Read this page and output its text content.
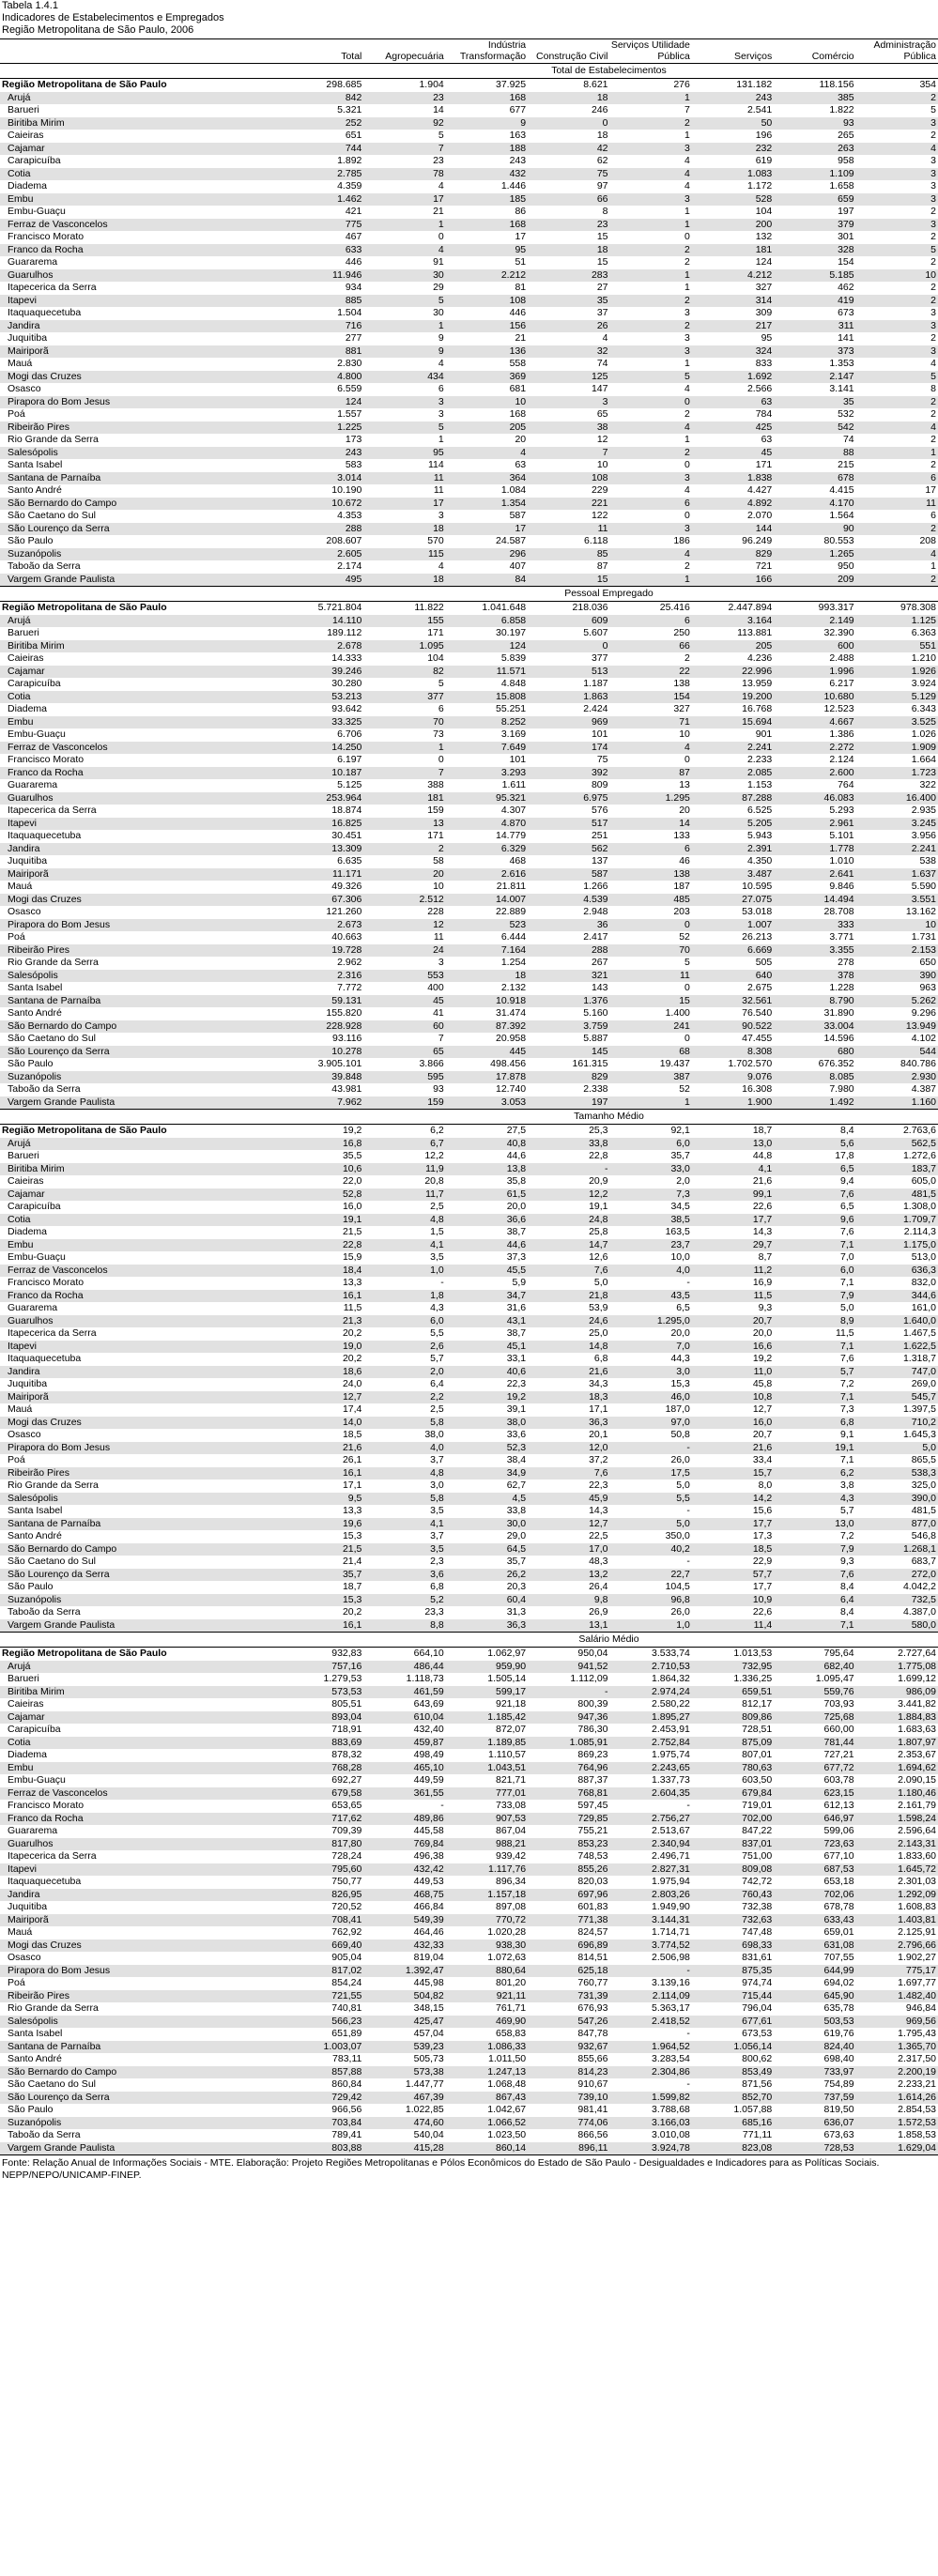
Tabela 1.4.1
Indicadores de Estabelecimentos e Empregados
Região Metropolitana de São Paulo, 2006
	Total	Agropecuária	Indústria Transformação	Construção Civil	Serviços Utilidade Pública	Serviços	Comércio	Administração Pública
	Total de Estabelecimentos							
Região Metropolitana de São Paulo	298.685	1.904	37.925	8.621	276	131.182	118.156	354
Arujá	842	23	168	18	1	243	385	2
Barueri	5.321	14	677	246	7	2.541	1.822	5
Biritiba Mirim	252	92	9	0	2	50	93	3
Caieiras	651	5	163	18	1	196	265	2
Cajamar	744	7	188	42	3	232	263	4
Carapicuíba	1.892	23	243	62	4	619	958	3
Cotia	2.785	78	432	75	4	1.083	1.109	3
Diadema	4.359	4	1.446	97	4	1.172	1.658	3
Embu	1.462	17	185	66	3	528	659	3
Embu-Guaçu	421	21	86	8	1	104	197	2
Ferraz de Vasconcelos	775	1	168	23	1	200	379	3
Francisco Morato	467	0	17	15	0	132	301	2
Franco da Rocha	633	4	95	18	2	181	328	5
Guararema	446	91	51	15	2	124	154	2
Guarulhos	11.946	30	2.212	283	1	4.212	5.185	10
Itapecerica da Serra	934	29	81	27	1	327	462	2
Itapevi	885	5	108	35	2	314	419	2
Itaquaquecetuba	1.504	30	446	37	3	309	673	3
Jandira	716	1	156	26	2	217	311	3
Juquitiba	277	9	21	4	3	95	141	2
Mairiporã	881	9	136	32	3	324	373	3
Mauá	2.830	4	558	74	1	833	1.353	4
Mogi das Cruzes	4.800	434	369	125	5	1.692	2.147	5
Osasco	6.559	6	681	147	4	2.566	3.141	8
Pirapora do Bom Jesus	124	3	10	3	0	63	35	2
Poá	1.557	3	168	65	2	784	532	2
Ribeirão Pires	1.225	5	205	38	4	425	542	4
Rio Grande da Serra	173	1	20	12	1	63	74	2
Salesópolis	243	95	4	7	2	45	88	1
Santa Isabel	583	114	63	10	0	171	215	2
Santana de Parnaíba	3.014	11	364	108	3	1.838	678	6
Santo André	10.190	11	1.084	229	4	4.427	4.415	17
São Bernardo do Campo	10.672	17	1.354	221	6	4.892	4.170	11
São Caetano do Sul	4.353	3	587	122	0	2.070	1.564	6
São Lourenço da Serra	288	18	17	11	3	144	90	2
São Paulo	208.607	570	24.587	6.118	186	96.249	80.553	208
Suzanópolis	2.605	115	296	85	4	829	1.265	4
Taboão da Serra	2.174	4	407	87	2	721	950	1
Vargem Grande Paulista	495	18	84	15	1	166	209	2
	Pessoal Empregado							
Região Metropolitana de São Paulo	5.721.804	11.822	1.041.648	218.036	25.416	2.447.894	993.317	978.308
Arujá	14.110	155	6.858	609	6	3.164	2.149	1.125
Barueri	189.112	171	30.197	5.607	250	113.881	32.390	6.363
Biritiba Mirim	2.678	1.095	124	0	66	205	600	551
Caieiras	14.333	104	5.839	377	2	4.236	2.488	1.210
Cajamar	39.246	82	11.571	513	22	22.996	1.996	1.926
Carapicuíba	30.280	5	4.848	1.187	138	13.959	6.217	3.924
Cotia	53.213	377	15.808	1.863	154	19.200	10.680	5.129
Diadema	93.642	6	55.251	2.424	327	16.768	12.523	6.343
Embu	33.325	70	8.252	969	71	15.694	4.667	3.525
Embu-Guaçu	6.706	73	3.169	101	10	901	1.386	1.026
Ferraz de Vasconcelos	14.250	1	7.649	174	4	2.241	2.272	1.909
Francisco Morato	6.197	0	101	75	0	2.233	2.124	1.664
Franco da Rocha	10.187	7	3.293	392	87	2.085	2.600	1.723
Guararema	5.125	388	1.611	809	13	1.153	764	322
Guarulhos	253.964	181	95.321	6.975	1.295	87.288	46.083	16.400
Itapecerica da Serra	18.874	159	4.307	576	20	6.525	5.293	2.935
Itapevi	16.825	13	4.870	517	14	5.205	2.961	3.245
Itaquaquecetuba	30.451	171	14.779	251	133	5.943	5.101	3.956
Jandira	13.309	2	6.329	562	6	2.391	1.778	2.241
Juquitiba	6.635	58	468	137	46	4.350	1.010	538
Mairiporã	11.171	20	2.616	587	138	3.487	2.641	1.637
Mauá	49.326	10	21.811	1.266	187	10.595	9.846	5.590
Mogi das Cruzes	67.306	2.512	14.007	4.539	485	27.075	14.494	3.551
Osasco	121.260	228	22.889	2.948	203	53.018	28.708	13.162
Pirapora do Bom Jesus	2.673	12	523	36	0	1.007	333	10
Poá	40.663	11	6.444	2.417	52	26.213	3.771	1.731
Ribeirão Pires	19.728	24	7.164	288	70	6.669	3.355	2.153
Rio Grande da Serra	2.962	3	1.254	267	5	505	278	650
Salesópolis	2.316	553	18	321	11	640	378	390
Santa Isabel	7.772	400	2.132	143	0	2.675	1.228	963
Santana de Parnaíba	59.131	45	10.918	1.376	15	32.561	8.790	5.262
Santo André	155.820	41	31.474	5.160	1.400	76.540	31.890	9.296
São Bernardo do Campo	228.928	60	87.392	3.759	241	90.522	33.004	13.949
São Caetano do Sul	93.116	7	20.958	5.887	0	47.455	14.596	4.102
São Lourenço da Serra	10.278	65	445	145	68	8.308	680	544
São Paulo	3.905.101	3.866	498.456	161.315	19.437	1.702.570	676.352	840.786
Suzanópolis	39.848	595	17.878	829	387	9.076	8.085	2.930
Taboão da Serra	43.981	93	12.740	2.338	52	16.308	7.980	4.387
Vargem Grande Paulista	7.962	159	3.053	197	1	1.900	1.492	1.160
	Tamanho Médio							
Região Metropolitana de São Paulo	19,2	6,2	27,5	25,3	92,1	18,7	8,4	2.763,6
Arujá	16,8	6,7	40,8	33,8	6,0	13,0	5,6	562,5
Barueri	35,5	12,2	44,6	22,8	35,7	44,8	17,8	1.272,6
Biritiba Mirim	10,6	11,9	13,8	-	33,0	4,1	6,5	183,7
Caieiras	22,0	20,8	35,8	20,9	2,0	21,6	9,4	605,0
Cajamar	52,8	11,7	61,5	12,2	7,3	99,1	7,6	481,5
Carapicuíba	16,0	2,5	20,0	19,1	34,5	22,6	6,5	1.308,0
Cotia	19,1	4,8	36,6	24,8	38,5	17,7	9,6	1.709,7
Diadema	21,5	1,5	38,7	25,8	163,5	14,3	7,6	2.114,3
Embu	22,8	4,1	44,6	14,7	23,7	29,7	7,1	1.175,0
Embu-Guaçu	15,9	3,5	37,3	12,6	10,0	8,7	7,0	513,0
Ferraz de Vasconcelos	18,4	1,0	45,5	7,6	4,0	11,2	6,0	636,3
Francisco Morato	13,3	-	5,9	5,0	-	16,9	7,1	832,0
Franco da Rocha	16,1	1,8	34,7	21,8	43,5	11,5	7,9	344,6
Guararema	11,5	4,3	31,6	53,9	6,5	9,3	5,0	161,0
Guarulhos	21,3	6,0	43,1	24,6	1.295,0	20,7	8,9	1.640,0
Itapecerica da Serra	20,2	5,5	38,7	25,0	20,0	20,0	11,5	1.467,5
Itapevi	19,0	2,6	45,1	14,8	7,0	16,6	7,1	1.622,5
Itaquaquecetuba	20,2	5,7	33,1	6,8	44,3	19,2	7,6	1.318,7
Jandira	18,6	2,0	40,6	21,6	3,0	11,0	5,7	747,0
Juquitiba	24,0	6,4	22,3	34,3	15,3	45,8	7,2	269,0
Mairiporã	12,7	2,2	19,2	18,3	46,0	10,8	7,1	545,7
Mauá	17,4	2,5	39,1	17,1	187,0	12,7	7,3	1.397,5
Mogi das Cruzes	14,0	5,8	38,0	36,3	97,0	16,0	6,8	710,2
Osasco	18,5	38,0	33,6	20,1	50,8	20,7	9,1	1.645,3
Pirapora do Bom Jesus	21,6	4,0	52,3	12,0	-	21,6	19,1	5,0
Poá	26,1	3,7	38,4	37,2	26,0	33,4	7,1	865,5
Ribeirão Pires	16,1	4,8	34,9	7,6	17,5	15,7	6,2	538,3
Rio Grande da Serra	17,1	3,0	62,7	22,3	5,0	8,0	3,8	325,0
Salesópolis	9,5	5,8	4,5	45,9	5,5	14,2	4,3	390,0
Santa Isabel	13,3	3,5	33,8	14,3	-	15,6	5,7	481,5
Santana de Parnaíba	19,6	4,1	30,0	12,7	5,0	17,7	13,0	877,0
Santo André	15,3	3,7	29,0	22,5	350,0	17,3	7,2	546,8
São Bernardo do Campo	21,5	3,5	64,5	17,0	40,2	18,5	7,9	1.268,1
São Caetano do Sul	21,4	2,3	35,7	48,3	-	22,9	9,3	683,7
São Lourenço da Serra	35,7	3,6	26,2	13,2	22,7	57,7	7,6	272,0
São Paulo	18,7	6,8	20,3	26,4	104,5	17,7	8,4	4.042,2
Suzanópolis	15,3	5,2	60,4	9,8	96,8	10,9	6,4	732,5
Taboão da Serra	20,2	23,3	31,3	26,9	26,0	22,6	8,4	4.387,0
Vargem Grande Paulista	16,1	8,8	36,3	13,1	1,0	11,4	7,1	580,0
	Salário Médio							
Região Metropolitana de São Paulo	932,83	664,10	1.062,97	950,04	3.533,74	1.013,53	795,64	2.727,64
Arujá	757,16	486,44	959,90	941,52	2.710,53	732,95	682,40	1.775,08
Barueri	1.279,53	1.118,73	1.505,14	1.112,09	1.864,32	1.336,25	1.095,47	1.699,12
Biritiba Mirim	573,53	461,59	599,17	-	2.974,24	659,51	559,76	986,09
Caieiras	805,51	643,69	921,18	800,39	2.580,22	812,17	703,93	3.441,82
Cajamar	893,04	610,04	1.185,42	947,36	1.895,27	809,86	725,68	1.884,83
Carapicuíba	718,91	432,40	872,07	786,30	2.453,91	728,51	660,00	1.683,63
Cotia	883,69	459,87	1.189,85	1.085,91	2.752,84	875,09	781,44	1.807,97
Diadema	878,32	498,49	1.110,57	869,23	1.975,74	807,01	727,21	2.353,67
Embu	768,28	465,10	1.043,51	764,96	2.243,65	780,63	677,72	1.694,62
Embu-Guaçu	692,27	449,59	821,71	887,37	1.337,73	603,50	603,78	2.090,15
Ferraz de Vasconcelos	679,58	361,55	777,01	768,81	2.604,35	679,84	623,15	1.180,46
Francisco Morato	653,65	-	733,08	597,45	-	719,01	612,13	2.161,79
Franco da Rocha	717,62	489,86	907,53	729,85	2.756,27	702,00	646,97	1.598,24
Guararema	709,39	445,58	867,04	755,21	2.513,67	847,22	599,06	2.596,64
Guarulhos	817,80	769,84	988,21	853,23	2.340,94	837,01	723,63	2.143,31
Itapecerica da Serra	728,24	496,38	939,42	748,53	2.496,71	751,00	677,10	1.833,60
Itapevi	795,60	432,42	1.117,76	855,26	2.827,31	809,08	687,53	1.645,72
Itaquaquecetuba	750,77	449,53	896,34	820,03	1.975,94	742,72	653,18	2.301,03
Jandira	826,95	468,75	1.157,18	697,96	2.803,26	760,43	702,06	1.292,09
Juquitiba	720,52	466,84	897,08	601,83	1.949,90	732,38	678,78	1.608,83
Mairiporã	708,41	549,39	770,72	771,38	3.144,31	732,63	633,43	1.403,81
Mauá	762,92	464,46	1.020,28	824,57	1.714,71	747,48	659,01	2.125,91
Mogi das Cruzes	669,40	432,33	938,30	696,89	3.774,52	698,33	631,08	2.796,66
Osasco	905,04	819,04	1.072,63	814,51	2.506,98	831,61	707,55	1.902,27
Pirapora do Bom Jesus	817,02	1.392,47	880,64	625,18	-	875,35	644,99	775,17
Poá	854,24	445,98	801,20	760,77	3.139,16	974,74	694,02	1.697,77
Ribeirão Pires	721,55	504,82	921,11	731,39	2.114,09	715,44	645,90	1.482,40
Rio Grande da Serra	740,81	348,15	761,71	676,93	5.363,17	796,04	635,78	946,84
Salesópolis	566,23	425,47	469,90	547,26	2.418,52	677,61	503,53	969,56
Santa Isabel	651,89	457,04	658,83	847,78	-	673,53	619,76	1.795,43
Santana de Parnaíba	1.003,07	539,23	1.086,33	932,67	1.964,52	1.056,14	824,40	1.365,70
Santo André	783,11	505,73	1.011,50	855,66	3.283,54	800,62	698,40	2.317,50
São Bernardo do Campo	857,88	573,38	1.247,13	814,23	2.304,86	853,49	733,97	2.200,19
São Caetano do Sul	860,84	1.447,77	1.068,48	910,67	-	871,56	754,89	2.233,21
São Lourenço da Serra	729,42	467,39	867,43	739,10	1.599,82	852,70	737,59	1.614,26
São Paulo	966,56	1.022,85	1.042,67	981,41	3.788,68	1.057,88	819,50	2.854,53
Suzanópolis	703,84	474,60	1.066,52	774,06	3.166,03	685,16	636,07	1.572,53
Taboão da Serra	789,41	540,04	1.023,50	866,56	3.010,08	771,11	673,63	1.858,53
Vargem Grande Paulista	803,88	415,28	860,14	896,11	3.924,78	823,08	728,53	1.629,04
Fonte: Relação Anual de Informações Sociais - MTE. Elaboração: Projeto Regiões Metropolitanas e Pólos Econômicos do Estado de São Paulo - Desigualdades e Indicadores para as Políticas Sociais. NEPP/NEPO/UNICAMP-FINEP.
